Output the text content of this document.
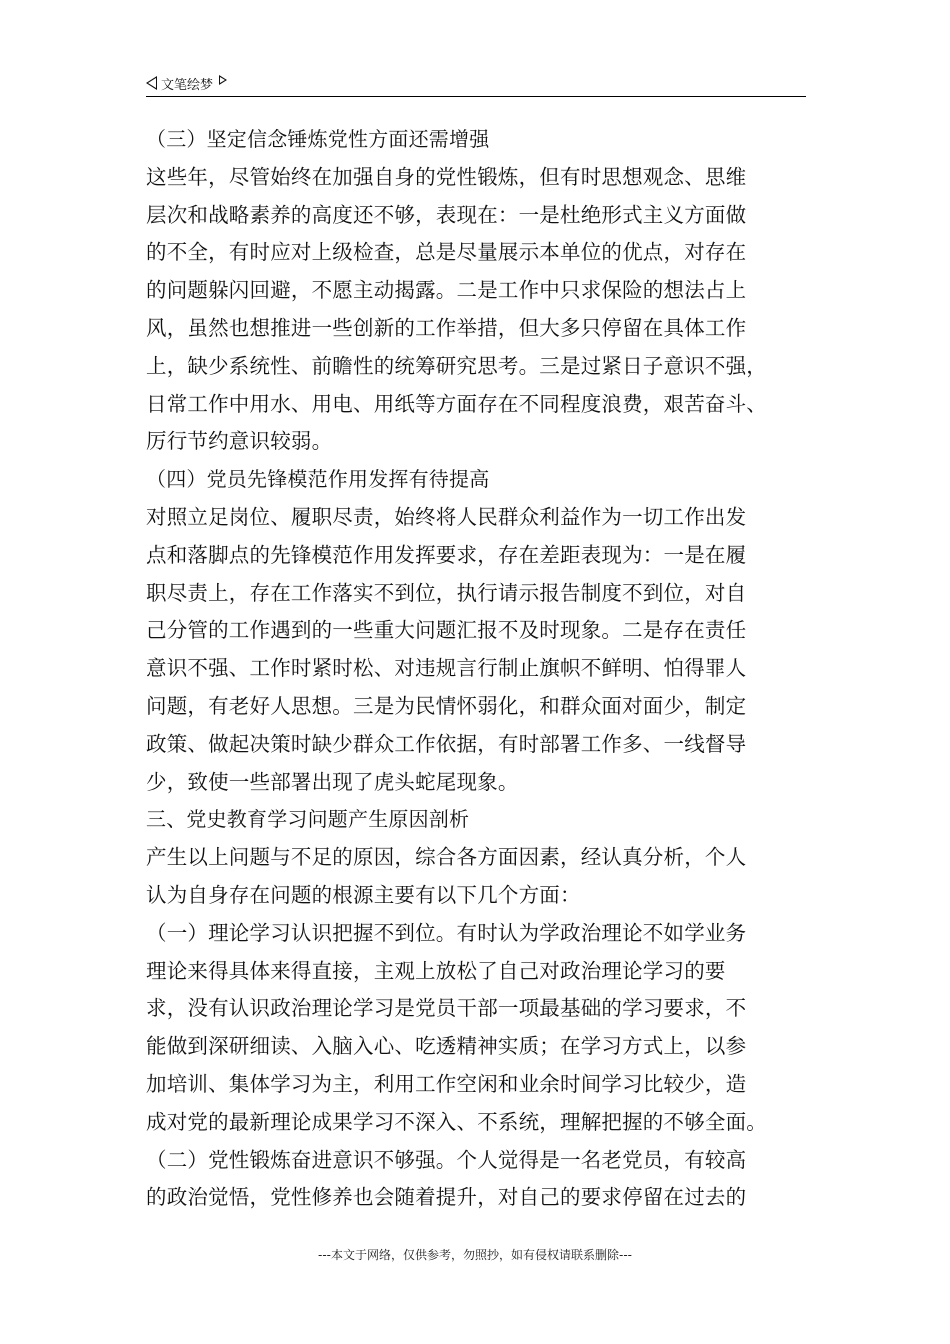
文笔绘梦
（三）坚定信念锤炼党性方面还需增强
这些年，尽管始终在加强自身的党性锻炼，但有时思想观念、思维
层次和战略素养的高度还不够，表现在：一是杜绝形式主义方面做
的不全，有时应对上级检查，总是尽量展示本单位的优点，对存在
的问题躲闪回避，不愿主动揭露。二是工作中只求保险的想法占上
风，虽然也想推进一些创新的工作举措，但大多只停留在具体工作
上，缺少系统性、前瞻性的统筹研究思考。三是过紧日子意识不强，
日常工作中用水、用电、用纸等方面存在不同程度浪费，艰苦奋斗、
厉行节约意识较弱。
（四）党员先锋模范作用发挥有待提高
对照立足岗位、履职尽责，始终将人民群众利益作为一切工作出发
点和落脚点的先锋模范作用发挥要求，存在差距表现为：一是在履
职尽责上，存在工作落实不到位，执行请示报告制度不到位，对自
己分管的工作遇到的一些重大问题汇报不及时现象。二是存在责任
意识不强、工作时紧时松、对违规言行制止旗帜不鲜明、怕得罪人
问题，有老好人思想。三是为民情怀弱化，和群众面对面少，制定
政策、做起决策时缺少群众工作依据，有时部署工作多、一线督导
少，致使一些部署出现了虎头蛇尾现象。
三、党史教育学习问题产生原因剖析
产生以上问题与不足的原因，综合各方面因素，经认真分析，个人
认为自身存在问题的根源主要有以下几个方面：
（一）理论学习认识把握不到位。有时认为学政治理论不如学业务
理论来得具体来得直接，主观上放松了自己对政治理论学习的要
求，没有认识政治理论学习是党员干部一项最基础的学习要求，不
能做到深研细读、入脑入心、吃透精神实质；在学习方式上，以参
加培训、集体学习为主，利用工作空闲和业余时间学习比较少，造
成对党的最新理论成果学习不深入、不系统，理解把握的不够全面。
（二）党性锻炼奋进意识不够强。个人觉得是一名老党员，有较高
的政治觉悟，党性修养也会随着提升，对自己的要求停留在过去的
---本文于网络，仅供参考，勿照抄，如有侵权请联系删除---
